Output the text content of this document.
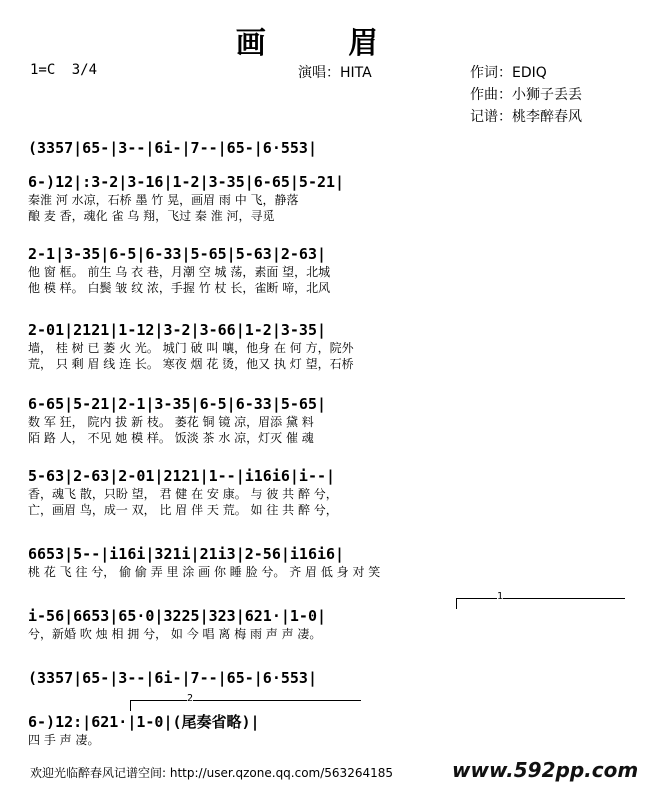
画 眉
1=C 3/4	演唱：HITA	作词：EDIQ
作曲：小狮子丢丢
记谱：桃李醉春风
(3357|65-|3--|6i-|7--|65-|6·553|
6-)12|:3-2|3-16|1-2|3-35|6-65|5-21|
秦淮 河 水凉，石桥 墨 竹 晃，画眉 雨 中 飞，静落
酿 麦 香，魂化 雀 乌 翔，飞过 秦 淮 河，寻觅
2-1|3-35|6-5|6-33|5-65|5-63|2-63|
他 窗 框。 前生 乌 衣 巷，月潮 空 城 荡，素面 望，北城
他 模 样。 白鬓 皱 纹 浓，手握 竹 杖 长，雀断 啼，北风
2-01|2121|1-12|3-2|3-66|1-2|3-35|
墙， 桂 树 已 萎 火 光。 城门 破 叫 嚷，他身 在 何 方，院外
荒， 只 剩 眉 线 连 长。 寒夜 烟 花 烫，他又 执 灯 望，石桥
6-65|5-21|2-1|3-35|6-5|6-33|5-65|
数 军 狂， 院内 拔 新 枝。 萎花 铜 镜 凉，眉添 黛 料
陌 路 人， 不见 她 模 样。 饭淡 茶 水 凉，灯灭 催 魂
5-63|2-63|2-01|2121|1--|i16i6|i--|
香，魂飞 散，只盼 望， 君 健 在 安 康。 与 彼 共 醉 兮，
亡，画眉 鸟，成一 双， 比 眉 伴 天 荒。 如 往 共 醉 兮，
6653|5--|i16i|321i|21i3|2-56|i16i6|
桃 花 飞 往 兮， 偷 偷 弄 里 涂 画 你 睡 脸 兮。 齐 眉 低 身 对 笑
1
i-56|6653|65·0|3225|323|621·|1-0|
兮，新婚 吹 烛 相 拥 兮， 如 今 唱 离 梅 雨 声 声 凄。
(3357|65-|3--|6i-|7--|65-|6·553|
2
6-)12:|621·|1-0|(尾奏省略)|
四 手 声 凄。
欢迎光临醉春风记谱空间: http://user.qzone.qq.com/563264185	www.592pp.com
